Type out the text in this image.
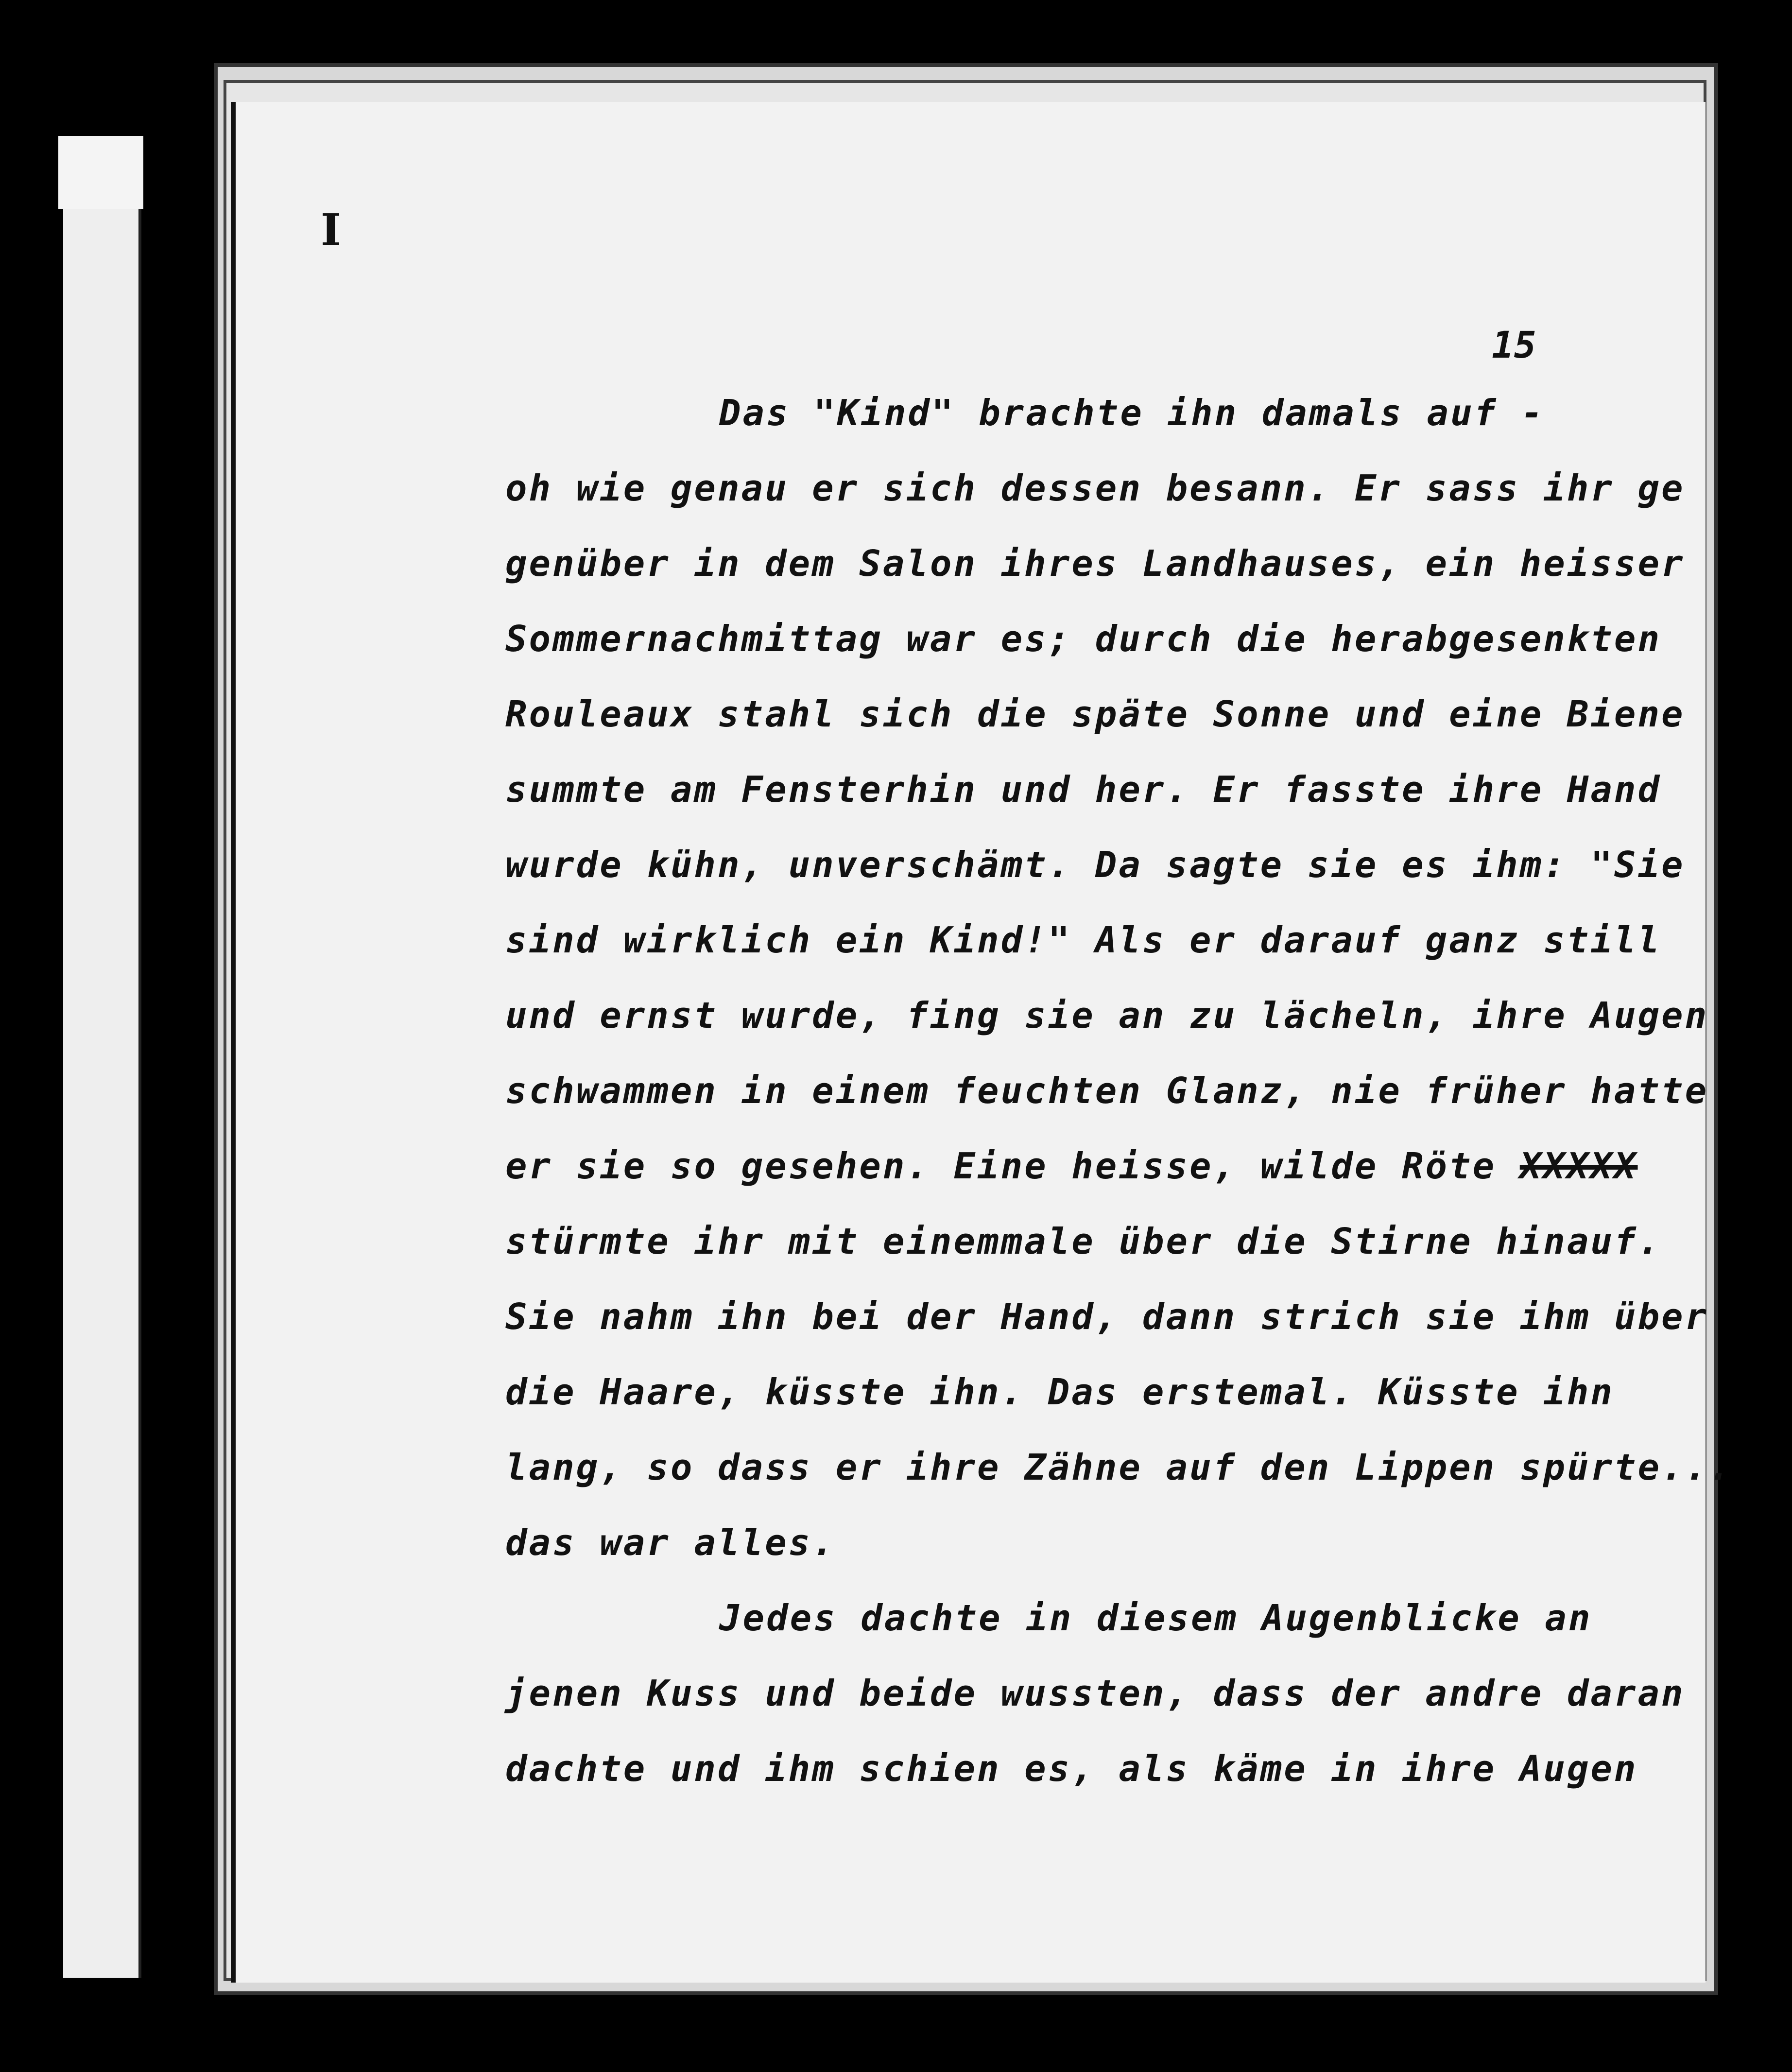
I
15
Das "Kind" brachte ihn damals auf -
oh wie genau er sich dessen besann. Er sass ihr ge
genüber in dem Salon ihres Landhauses, ein heisser
Sommernachmittag war es; durch die herabgesenkten
Rouleaux stahl sich die späte Sonne und eine Biene
summte am Fensterhin und her. Er fasste ihre Hand
wurde kühn, unverschämt. Da sagte sie es ihm: "Sie
sind wirklich ein Kind!" Als er darauf ganz still
und ernst wurde, fing sie an zu lächeln, ihre Augen
schwammen in einem feuchten Glanz, nie früher hatte
er sie so gesehen. Eine heisse, wilde Röte XXXXX
stürmte ihr mit einemmale über die Stirne hinauf.
Sie nahm ihn bei der Hand, dann strich sie ihm über
die Haare, küsste ihn. Das erstemal. Küsste ihn
lang, so dass er ihre Zähne auf den Lippen spürte...
das war alles.
Jedes dachte in diesem Augenblicke an
jenen Kuss und beide wussten, dass der andre daran
dachte und ihm schien es, als käme in ihre Augen
